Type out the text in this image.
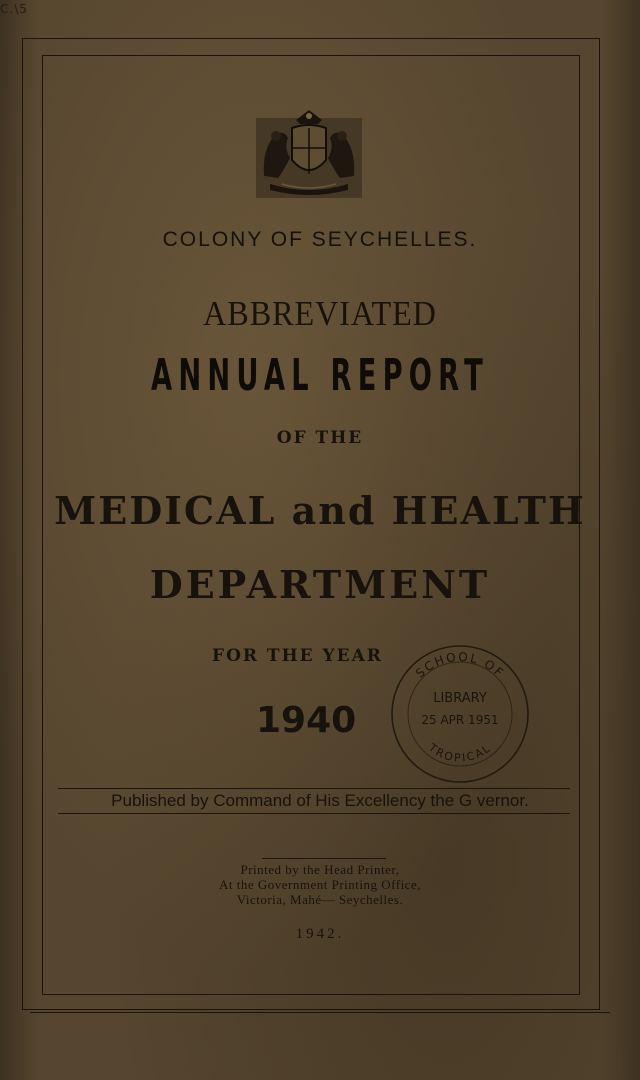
C.\5
COLONY OF SEYCHELLES.
ABBREVIATED
ANNUAL REPORT
OF THE
MEDICAL and HEALTH
DEPARTMENT
FOR THE YEAR
1940
SCHOOL OF
LIBRARY
25 APR 1951
TROPICAL
Published by Command of His Excellency the G vernor.
Printed by the Head Printer,
At the Government Printing Office,
Victoria, Mahé— Seychelles.
1942.
